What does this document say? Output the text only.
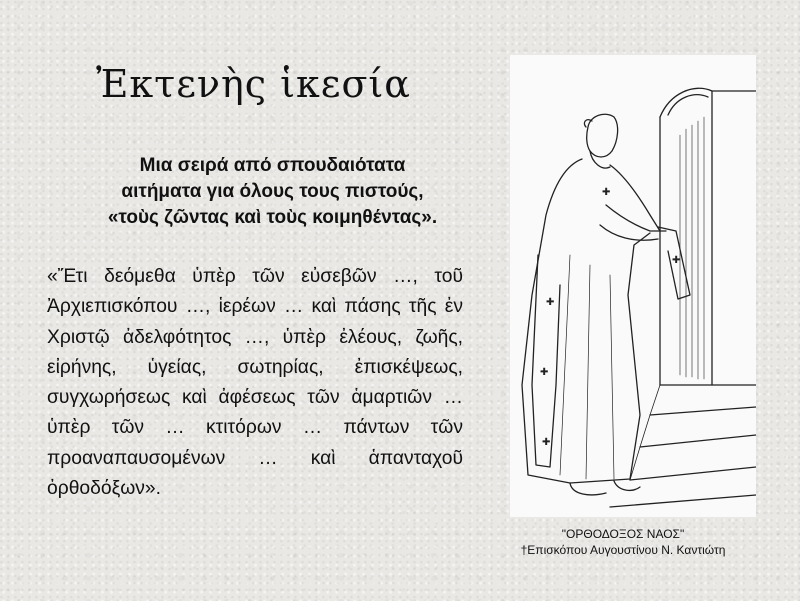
Ἐκτενὴς ἱκεσία
Μια σειρά από σπουδαιότατα
αιτήματα για όλους τους πιστούς,
«τοὺς ζῶντας καὶ τοὺς κοιμηθέντας».
«Ἔτι δεόμεθα ὑπὲρ τῶν εὐσεβῶν …, τοῦ Ἀρχιεπισκόπου …, ἱερέων … καὶ πάσης τῆς ἐν Χριστῷ ἀδελφότητος …, ὑπὲρ ἐλέους, ζωῆς, εἰρήνης, ὑγείας, σωτηρίας, ἐπισκέψεως, συγχωρήσεως καὶ ἀφέσεως τῶν ἁμαρτιῶν … ὑπὲρ τῶν … κτιτόρων … πάντων τῶν προαναπαυσομένων … καὶ ἁπανταχοῦ ὀρθοδόξων».
✚
✚
✚
✚
✚
"ΟΡΘΟΔΟΞΟΣ ΝΑΟΣ"
†Επισκόπου Αυγουστίνου Ν. Καντιώτη
